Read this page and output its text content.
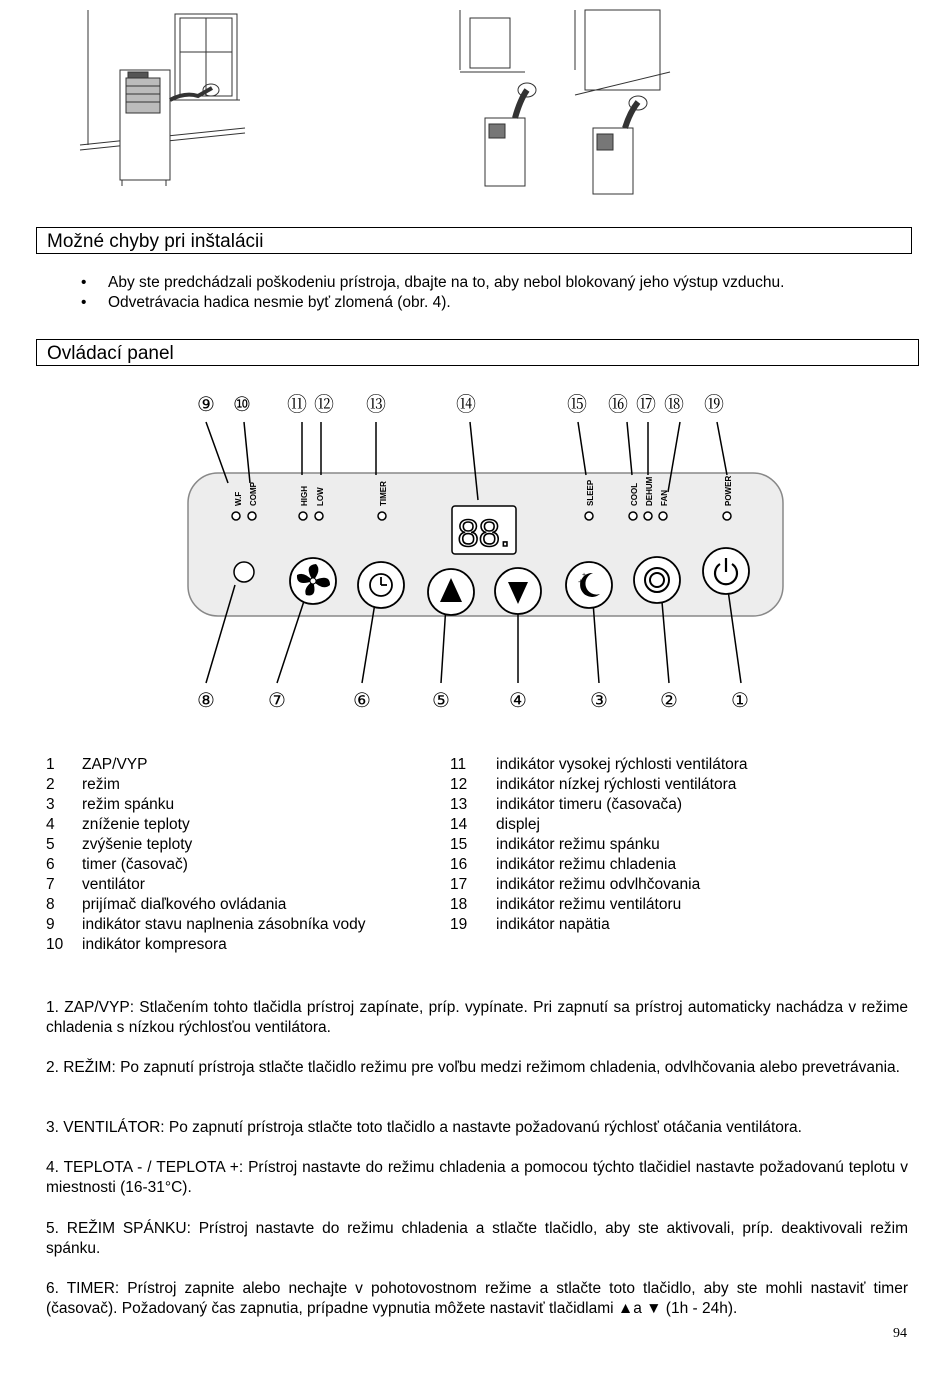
Možné chyby pri inštalácii
• Aby ste predchádzali poškodeniu prístroja, dbajte na to, aby nebol blokovaný jeho výstup vzduchu.
• Odvetrávacia hadica nesmie byť zlomená (obr. 4).
Ovládací panel
⑨ ⑩ ⑪ ⑫ ⑬	⑭	⑮ ⑯ ⑰ ⑱ ⑲
⑧	⑦	⑥	⑤	④	③	②	①
W.F COMP	HIGH LOW	TIMER	SLEEP	COOL DEHUM FAN	POWER
88.
+
+
1	ZAP/VYP
2	režim
3	režim spánku
4	zníženie teploty
5	zvýšenie teploty
6	timer (časovač)
7	ventilátor
8	prijímač diaľkového ovládania
9	indikátor stavu naplnenia zásobníka vody
10	indikátor kompresora
11	indikátor vysokej rýchlosti ventilátora
12	indikátor nízkej rýchlosti ventilátora
13	indikátor timeru (časovača)
14	displej
15	indikátor režimu spánku
16	indikátor režimu chladenia
17	indikátor režimu odvlhčovania
18	indikátor režimu ventilátoru
19	indikátor napätia

1. ZAP/VYP: Stlačením tohto tlačidla prístroj zapínate, príp. vypínate. Pri zapnutí sa prístroj automaticky nachádza v režime chladenia s nízkou rýchlosťou ventilátora.

2. REŽIM: Po zapnutí prístroja stlačte tlačidlo režimu pre voľbu medzi režimom chladenia, odvlhčovania alebo prevetrávania.

3. VENTILÁTOR: Po zapnutí prístroja stlačte toto tlačidlo a nastavte požadovanú rýchlosť otáčania ventilátora.

4. TEPLOTA - / TEPLOTA +: Prístroj nastavte do režimu chladenia a pomocou týchto tlačidiel nastavte požadovanú teplotu v miestnosti (16-31°C).

5. REŽIM SPÁNKU: Prístroj nastavte do režimu chladenia a stlačte tlačidlo, aby ste aktivovali, príp. deaktivovali režim spánku.

6. TIMER: Prístroj zapnite alebo nechajte v pohotovostnom režime a stlačte toto tlačidlo, aby ste mohli nastaviť timer (časovač). Požadovaný čas zapnutia, prípadne vypnutia môžete nastaviť tlačidlami ▲a ▼ (1h - 24h).

94
